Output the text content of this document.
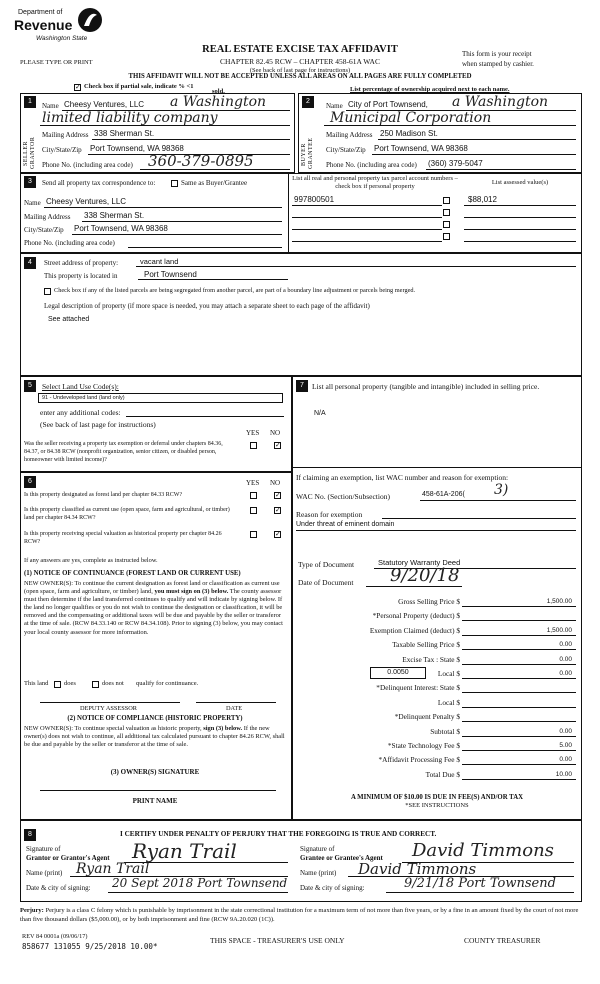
Department of
Revenue
Washington State
PLEASE TYPE OR PRINT
REAL ESTATE EXCISE TAX AFFIDAVIT
CHAPTER 82.45 RCW – CHAPTER 458-61A WAC
(See back of last page for instructions)
This form is your receipt
when stamped by cashier.
THIS AFFIDAVIT WILL NOT BE ACCEPTED UNLESS ALL AREAS ON ALL PAGES ARE FULLY COMPLETED
✓ Check box if partial sale, indicate % <1
sold.	List percentage of ownership acquired next to each name.
1	2
SELLER GRANTOR	BUYER GRANTEE
Name Cheesy Ventures, LLC a Washington
limited liability company
Mailing Address 338 Sherman St.
City/State/Zip Port Townsend, WA 98368
Phone No. (including area code) 360-379-0895
Name City of Port Townsend, a Washington
Municipal Corporation
Mailing Address 250 Madison St.
City/State/Zip Port Townsend, WA 98368
Phone No. (including area code) (360) 379-5047
3	Send all property tax correspondence to:	Same as Buyer/Grantee
Name Cheesy Ventures, LLC
Mailing Address 338 Sherman St.
City/State/Zip Port Townsend, WA 98368
Phone No. (including area code)
List all real and personal property tax parcel account numbers – check box if personal property
List assessed value(s)
997800501	$88,012
4	Street address of property:	vacant land
This property is located in	Port Townsend
Check box if any of the listed parcels are being segregated from another parcel, are part of a boundary line adjustment or parcels being merged.
Legal description of property (if more space is needed, you may attach a separate sheet to each page of the affidavit)
See attached
5	Select Land Use Code(s):
91 - Undeveloped land (land only)
enter any additional codes:
(See back of last page for instructions)
YES NO
Was the seller receiving a property tax exemption or deferral under chapters 84.36, 84.37, or 84.38 RCW (nonprofit organization, senior citizen, or disabled person, homeowner with limited income)?
✓
6	YES NO
Is this property designated as forest land per chapter 84.33 RCW?	✓
Is this property classified as current use (open space, farm and agricultural, or timber) land per chapter 84.34 RCW?
✓
Is this property receiving special valuation as historical property per chapter 84.26 RCW?
✓
If any answers are yes, complete as instructed below.
(1) NOTICE OF CONTINUANCE (FOREST LAND OR CURRENT USE)
NEW OWNER(S): To continue the current designation as forest land or classification as current use (open space, farm and agriculture, or timber) land, you must sign on (3) below. The county assessor must then determine if the land transferred continues to qualify and will indicate by signing below. If the land no longer qualifies or you do not wish to continue the designation or classification, it will be removed and the compensating or additional taxes will be due and payable by the seller or transferor at the time of sale. (RCW 84.33.140 or RCW 84.34.108). Prior to signing (3) below, you may contact your local county assessor for more information.
This land does	does not qualify for continuance.
DEPUTY ASSESSOR	DATE
(2) NOTICE OF COMPLIANCE (HISTORIC PROPERTY)
NEW OWNER(S): To continue special valuation as historic property, sign (3) below. If the new owner(s) does not wish to continue, all additional tax calculated pursuant to chapter 84.26 RCW, shall be due and payable by the seller or transferor at the time of sale.
(3) OWNER(S) SIGNATURE
PRINT NAME
7	List all personal property (tangible and intangible) included in selling price.
N/A
If claiming an exemption, list WAC number and reason for exemption:
WAC No. (Section/Subsection)	458-61A-206( 3)
Reason for exemption
Under threat of eminent domain
Type of Document	Statutory Warranty Deed
Date of Document 9/20/18
Gross Selling Price $	1,500.00
*Personal Property (deduct) $
Exemption Claimed (deduct) $	1,500.00
Taxable Selling Price $	0.00
Excise Tax : State $	0.00
Local $	0.00
*Delinquent Interest: State $
Local $
*Delinquent Penalty $
Subtotal $	0.00
*State Technology Fee $	5.00
*Affidavit Processing Fee $	0.00
Total Due $	10.00
0.0050
A MINIMUM OF $10.00 IS DUE IN FEE(S) AND/OR TAX
*SEE INSTRUCTIONS
8	I CERTIFY UNDER PENALTY OF PERJURY THAT THE FOREGOING IS TRUE AND CORRECT.
Signature of
Grantor or Grantor's Agent Ryan Trail
Name (print) Ryan Trail
Date & city of signing: 20 Sept 2018 Port Townsend
Signature of
Grantee or Grantee's Agent David Timmons
Name (print) David Timmons
Date & city of signing:	9/21/18 Port Townsend
Perjury: Perjury is a class C felony which is punishable by imprisonment in the state correctional institution for a maximum term of not more than five years, or by a fine in an amount fixed by the court of not more than five thousand dollars ($5,000.00), or by both imprisonment and fine (RCW 9A.20.020 (1C)).
REV 84 0001a (09/06/17)
858677 131055 9/25/2018 10.00*
THIS SPACE - TREASURER'S USE ONLY	COUNTY TREASURER
